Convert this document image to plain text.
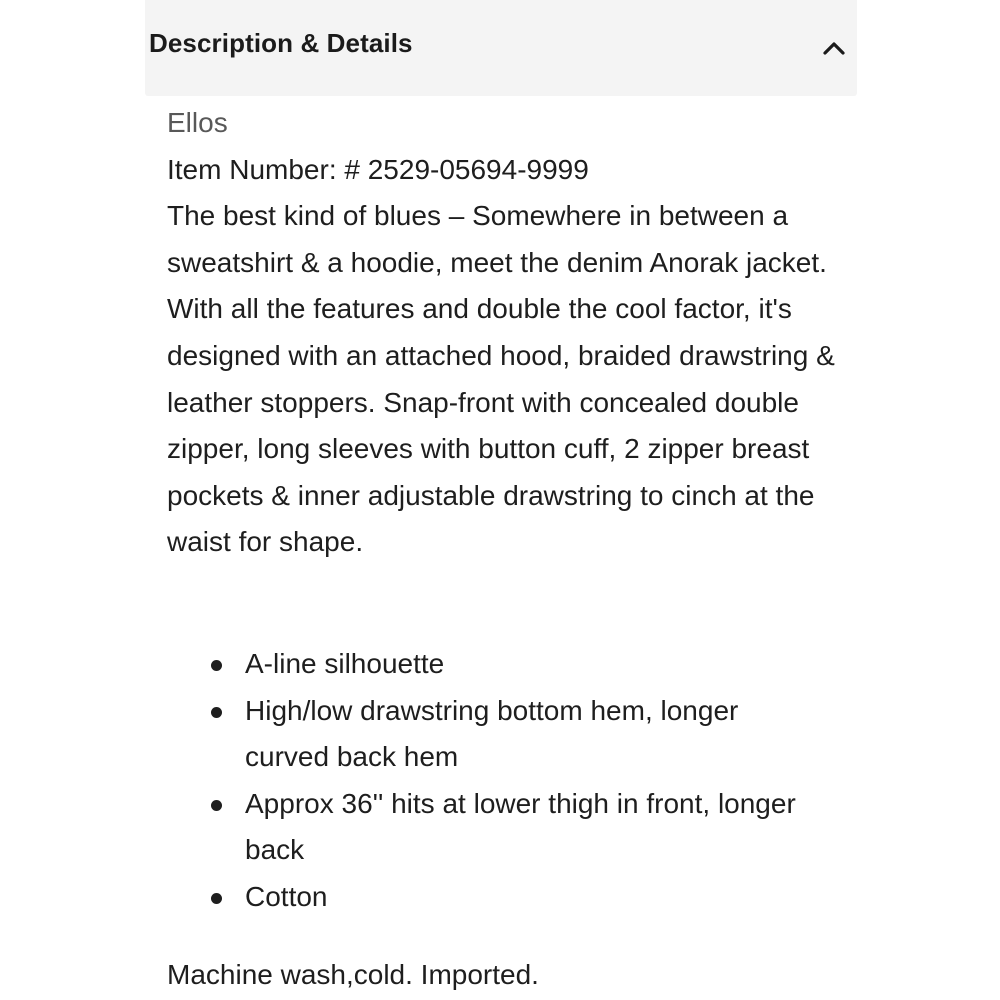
Description & Details

Ellos

Item Number: # 2529-05694-9999

The best kind of blues – Somewhere in between a sweatshirt & a hoodie, meet the denim Anorak jacket. With all the features and double the cool factor, it's designed with an attached hood, braided drawstring & leather stoppers. Snap-front with concealed double zipper, long sleeves with button cuff, 2 zipper breast pockets & inner adjustable drawstring to cinch at the waist for shape.

A-line silhouette
High/low drawstring bottom hem, longer curved back hem
Approx 36'' hits at lower thigh in front, longer back
Cotton

Machine wash,cold. Imported.
